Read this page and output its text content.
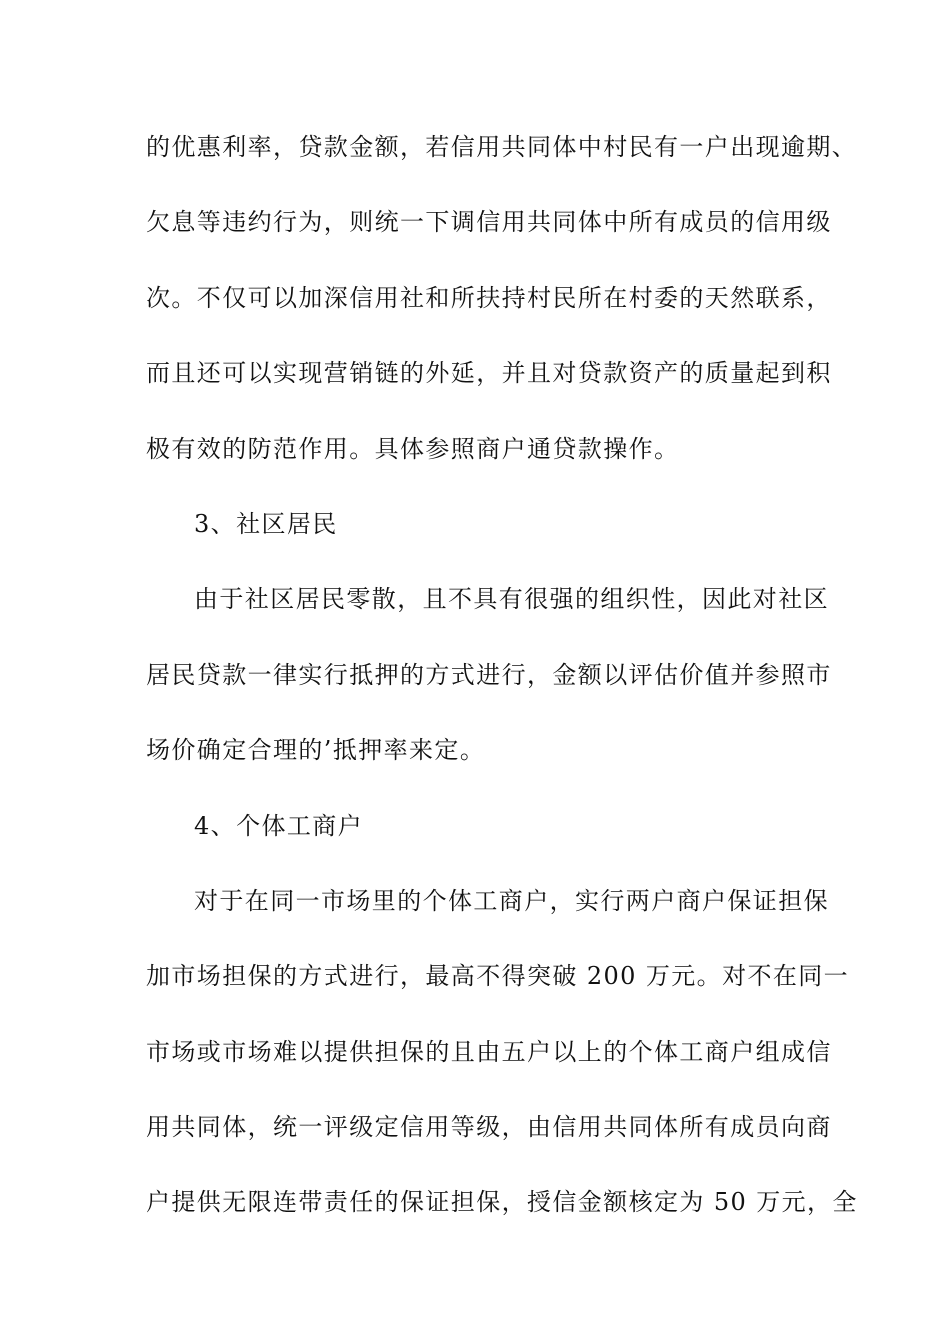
的优惠利率，贷款金额，若信用共同体中村民有一户出现逾期、
欠息等违约行为，则统一下调信用共同体中所有成员的信用级
次。不仅可以加深信用社和所扶持村民所在村委的天然联系，
而且还可以实现营销链的外延，并且对贷款资产的质量起到积
极有效的防范作用。具体参照商户通贷款操作。
3、社区居民
由于社区居民零散，且不具有很强的组织性，因此对社区
居民贷款一律实行抵押的方式进行，金额以评估价值并参照市
场价确定合理的’抵押率来定。
4、个体工商户
对于在同一市场里的个体工商户，实行两户商户保证担保
加市场担保的方式进行，最高不得突破 200 万元。对不在同一
市场或市场难以提供担保的且由五户以上的个体工商户组成信
用共同体，统一评级定信用等级，由信用共同体所有成员向商
户提供无限连带责任的保证担保，授信金额核定为 50 万元，全
